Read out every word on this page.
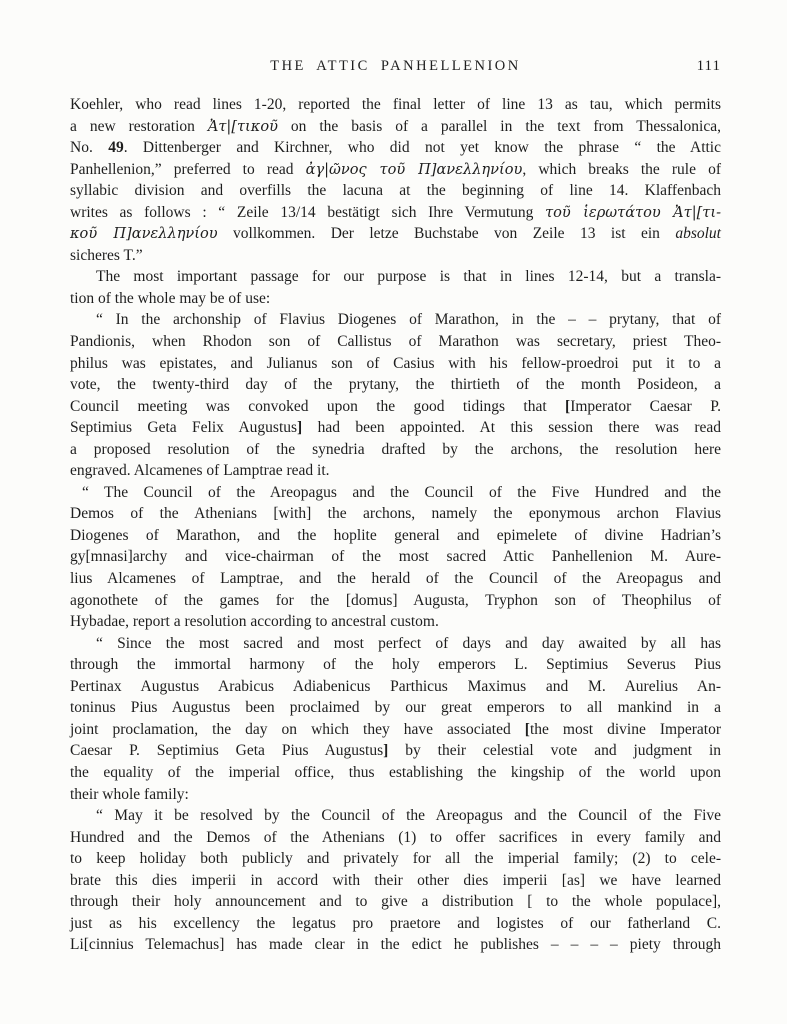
THE ATTIC PANHELLENION	111
Koehler, who read lines 1-20, reported the final letter of line 13 as tau, which permits
a new restoration Ἀτ|[τικοῦ on the basis of a parallel in the text from Thessalonica,
No. 49. Dittenberger and Kirchner, who did not yet know the phrase “ the Attic
Panhellenion,” preferred to read ἀγ|ῶνος τοῦ Π]ανελληνίου, which breaks the rule of
syllabic division and overfills the lacuna at the beginning of line 14. Klaffenbach
writes as follows : “ Zeile 13/14 bestätigt sich Ihre Vermutung τοῦ ἱερωτάτου Ἀτ|[τι-
κοῦ Π]ανελληνίου vollkommen. Der letze Buchstabe von Zeile 13 ist ein absolut
sicheres T.”
The most important passage for our purpose is that in lines 12-14, but a transla-
tion of the whole may be of use:
“ In the archonship of Flavius Diogenes of Marathon, in the – – prytany, that of
Pandionis, when Rhodon son of Callistus of Marathon was secretary, priest Theo-
philus was epistates, and Julianus son of Casius with his fellow-proedroi put it to a
vote, the twenty-third day of the prytany, the thirtieth of the month Posideon, a
Council meeting was convoked upon the good tidings that [Imperator Caesar P.
Septimius Geta Felix Augustus] had been appointed. At this session there was read
a proposed resolution of the synedria drafted by the archons, the resolution here
engraved. Alcamenes of Lamptrae read it.
“ The Council of the Areopagus and the Council of the Five Hundred and the
Demos of the Athenians [with] the archons, namely the eponymous archon Flavius
Diogenes of Marathon, and the hoplite general and epimelete of divine Hadrian’s
gy[mnasi]archy and vice-chairman of the most sacred Attic Panhellenion M. Aure-
lius Alcamenes of Lamptrae, and the herald of the Council of the Areopagus and
agonothete of the games for the [domus] Augusta, Tryphon son of Theophilus of
Hybadae, report a resolution according to ancestral custom.
“ Since the most sacred and most perfect of days and day awaited by all has
through the immortal harmony of the holy emperors L. Septimius Severus Pius
Pertinax Augustus Arabicus Adiabenicus Parthicus Maximus and M. Aurelius An-
toninus Pius Augustus been proclaimed by our great emperors to all mankind in a
joint proclamation, the day on which they have associated [the most divine Imperator
Caesar P. Septimius Geta Pius Augustus] by their celestial vote and judgment in
the equality of the imperial office, thus establishing the kingship of the world upon
their whole family:
“ May it be resolved by the Council of the Areopagus and the Council of the Five
Hundred and the Demos of the Athenians (1) to offer sacrifices in every family and
to keep holiday both publicly and privately for all the imperial family; (2) to cele-
brate this dies imperii in accord with their other dies imperii [as] we have learned
through their holy announcement and to give a distribution [ to the whole populace],
just as his excellency the legatus pro praetore and logistes of our fatherland C.
Li[cinnius Telemachus] has made clear in the edict he publishes – – – – piety through
